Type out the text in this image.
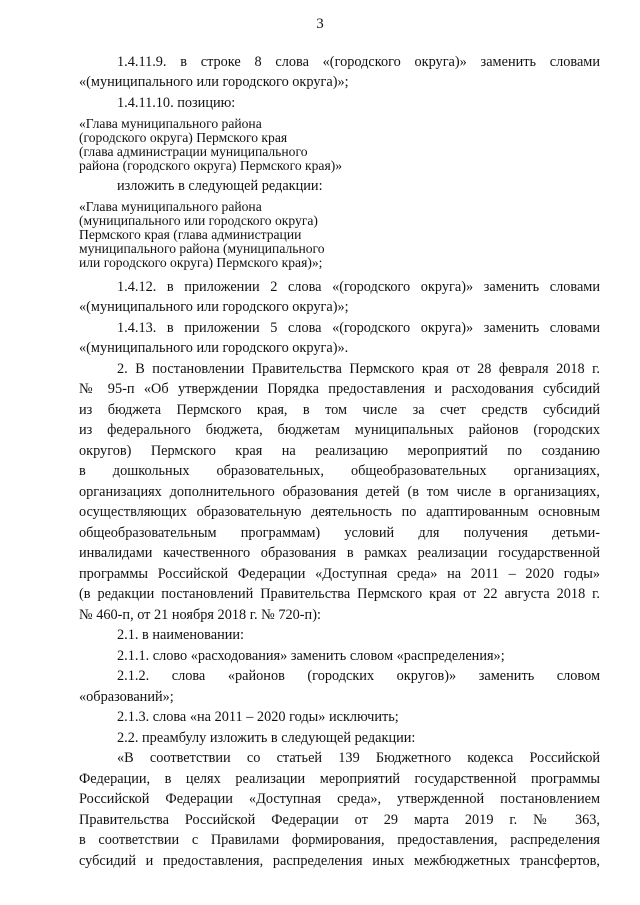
3
1.4.11.9. в строке 8 слова «(городского округа)» заменить словами
«(муниципального или городского округа)»;
1.4.11.10. позицию:
«Глава муниципального района
(городского округа) Пермского края
(глава администрации муниципального
района (городского округа) Пермского края)»
изложить в следующей редакции:
«Глава муниципального района
(муниципального или городского округа)
Пермского края (глава администрации
муниципального района (муниципального
или городского округа) Пермского края)»;
1.4.12. в приложении 2 слова «(городского округа)» заменить словами
«(муниципального или городского округа)»;
1.4.13. в приложении 5 слова «(городского округа)» заменить словами
«(муниципального или городского округа)».
2. В постановлении Правительства Пермского края от 28 февраля 2018 г.
№ 95-п «Об утверждении Порядка предоставления и расходования субсидий
из бюджета Пермского края, в том числе за счет средств субсидий
из федерального бюджета, бюджетам муниципальных районов (городских
округов) Пермского края на реализацию мероприятий по созданию
в дошкольных образовательных, общеобразовательных организациях,
организациях дополнительного образования детей (в том числе в организациях,
осуществляющих образовательную деятельность по адаптированным основным
общеобразовательным программам) условий для получения детьми-
инвалидами качественного образования в рамках реализации государственной
программы Российской Федерации «Доступная среда» на 2011 – 2020 годы»
(в редакции постановлений Правительства Пермского края от 22 августа 2018 г.
№ 460-п, от 21 ноября 2018 г. № 720-п):
2.1. в наименовании:
2.1.1. слово «расходования» заменить словом «распределения»;
2.1.2. слова «районов (городских округов)» заменить словом
«образований»;
2.1.3. слова «на 2011 – 2020 годы» исключить;
2.2. преамбулу изложить в следующей редакции:
«В соответствии со статьей 139 Бюджетного кодекса Российской
Федерации, в целях реализации мероприятий государственной программы
Российской Федерации «Доступная среда», утвержденной постановлением
Правительства Российской Федерации от 29 марта 2019 г. № 363,
в соответствии с Правилами формирования, предоставления, распределения
субсидий и предоставления, распределения иных межбюджетных трансфертов,
